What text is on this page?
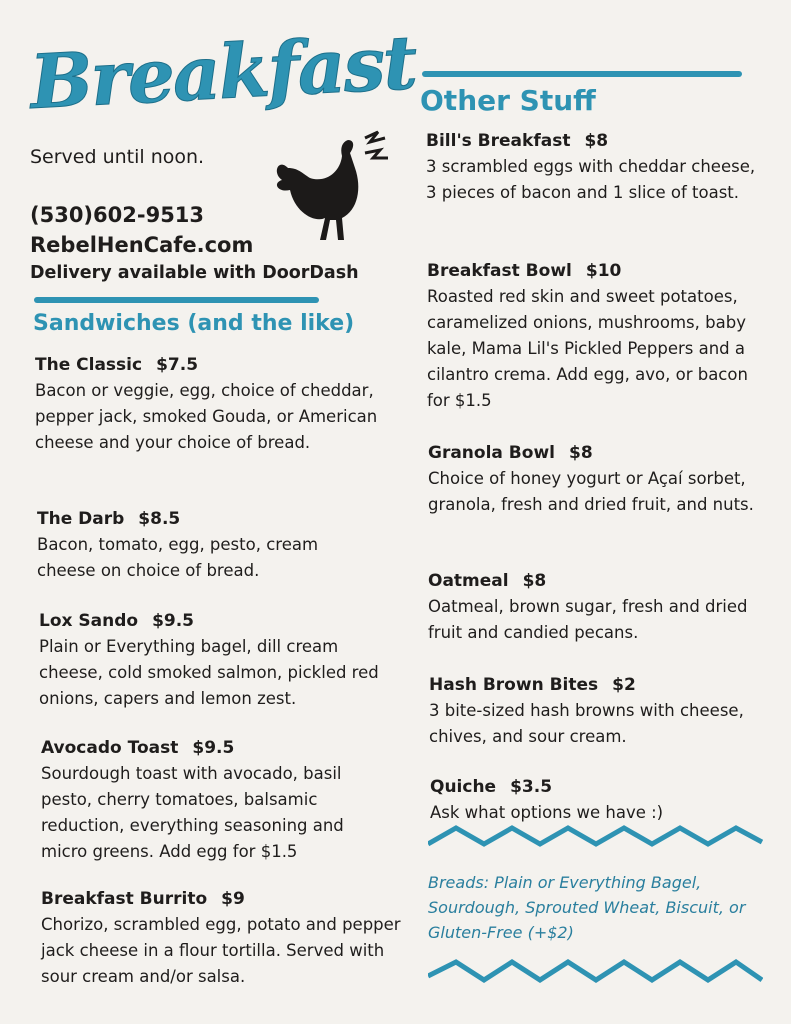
Breakfast
Served until noon.
(530)602-9513
RebelHenCafe.com
Delivery available with DoorDash
Sandwiches (and the like)
The Classic $7.5
Bacon or veggie, egg, choice of cheddar, pepper jack, smoked Gouda, or American cheese and your choice of bread.
The Darb $8.5
Bacon, tomato, egg, pesto, cream cheese on choice of bread.
Lox Sando $9.5
Plain or Everything bagel, dill cream cheese, cold smoked salmon, pickled red onions, capers and lemon zest.
Avocado Toast $9.5
Sourdough toast with avocado, basil pesto, cherry tomatoes, balsamic reduction, everything seasoning and micro greens. Add egg for $1.5
Breakfast Burrito $9
Chorizo, scrambled egg, potato and pepper jack cheese in a flour tortilla. Served with sour cream and/or salsa.
Other Stuff
Bill's Breakfast $8
3 scrambled eggs with cheddar cheese, 3 pieces of bacon and 1 slice of toast.
Breakfast Bowl $10
Roasted red skin and sweet potatoes, caramelized onions, mushrooms, baby kale, Mama Lil's Pickled Peppers and a cilantro crema. Add egg, avo, or bacon for $1.5
Granola Bowl $8
Choice of honey yogurt or Açaí sorbet, granola, fresh and dried fruit, and nuts.
Oatmeal $8
Oatmeal, brown sugar, fresh and dried fruit and candied pecans.
Hash Brown Bites $2
3 bite-sized hash browns with cheese, chives, and sour cream.
Quiche $3.5
Ask what options we have :)
Breads: Plain or Everything Bagel, Sourdough, Sprouted Wheat, Biscuit, or Gluten-Free (+$2)
